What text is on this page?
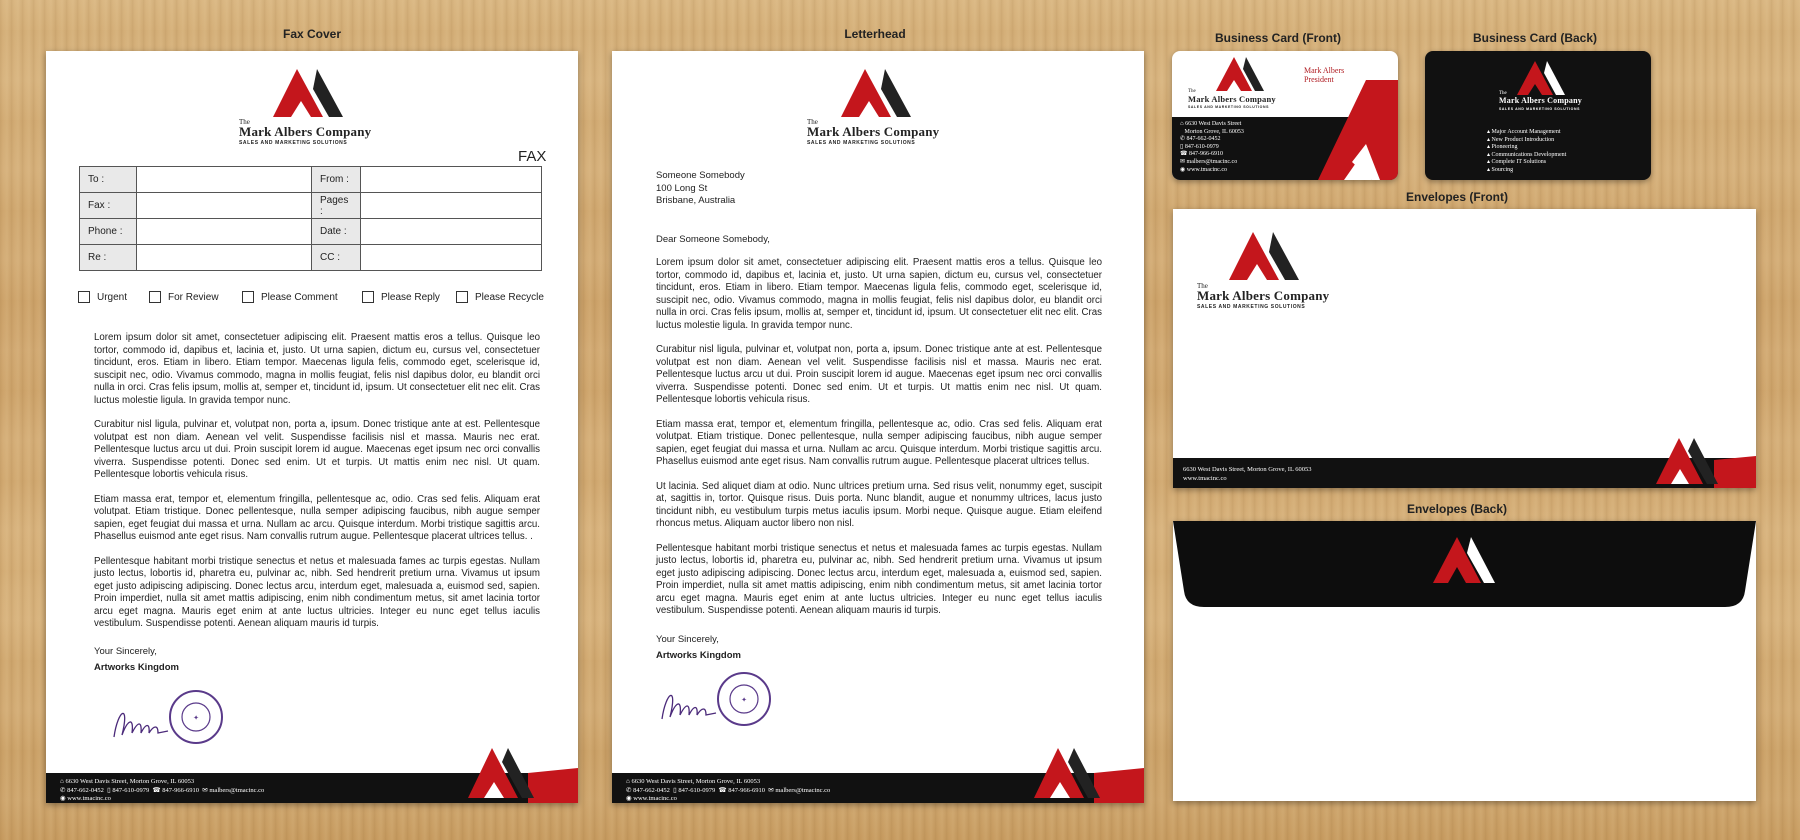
Fax Cover	Letterhead	Business Card (Front)	Business Card (Back)
Envelopes (Front)
Envelopes (Back)
The
Mark Albers Company
SALES AND MARKETING SOLUTIONS
FAX
To :		From :	
Fax :		Pages :	
Phone :		Date :	
Re :		CC :	
Urgent	For Review	Please Comment	Please Reply	Please Recycle

Lorem ipsum dolor sit amet, consectetuer adipiscing elit. Praesent mattis eros a tellus. Quisque leo tortor, commodo id, dapibus et, lacinia et, justo. Ut urna sapien, dictum eu, cursus vel, consectetuer tincidunt, eros. Etiam in libero. Etiam tempor. Maecenas ligula felis, commodo eget, scelerisque id, suscipit nec, odio. Vivamus commodo, magna in mollis feugiat, felis nisl dapibus dolor, eu blandit orci nulla in orci. Cras felis ipsum, mollis at, semper et, tincidunt id, ipsum. Ut consectetuer elit nec elit. Cras luctus molestie ligula. In gravida tempor nunc.

Curabitur nisl ligula, pulvinar et, volutpat non, porta a, ipsum. Donec tristique ante at est. Pellentesque volutpat est non diam. Aenean vel velit. Suspendisse facilisis nisl et massa. Mauris nec erat. Pellentesque luctus arcu ut dui. Proin suscipit lorem id augue. Maecenas eget ipsum nec orci convallis viverra. Suspendisse potenti. Donec sed enim. Ut et turpis. Ut mattis enim nec nisl. Ut quam. Pellentesque lobortis vehicula risus.

Etiam massa erat, tempor et, elementum fringilla, pellentesque ac, odio. Cras sed felis. Aliquam erat volutpat. Etiam tristique. Donec pellentesque, nulla semper adipiscing faucibus, nibh augue semper sapien, eget feugiat dui massa et urna. Nullam ac arcu. Quisque interdum. Morbi tristique sagittis arcu. Phasellus euismod ante eget risus. Nam convallis rutrum augue. Pellentesque placerat ultrices tellus. .

Pellentesque habitant morbi tristique senectus et netus et malesuada fames ac turpis egestas. Nullam justo lectus, lobortis id, pharetra eu, pulvinar ac, nibh. Sed hendrerit pretium urna. Vivamus ut ipsum eget justo adipiscing adipiscing. Donec lectus arcu, interdum eget, malesuada a, euismod sed, sapien. Proin imperdiet, nulla sit amet mattis adipiscing, enim nibh condimentum metus, sit amet lacinia tortor arcu eget magna. Mauris eget enim at ante luctus ultricies. Integer eu nunc eget tellus iaculis vestibulum. Suspendisse potenti. Aenean aliquam mauris id turpis.

Your Sincerely,
Artworks Kingdom
✦
⌂ 6630 West Davis Street, Morton Grove, IL 60053
✆ 847-662-0452  ▯ 847-610-0979  ☎ 847-966-6910  ✉ malbers@tmacinc.co
◉ www.tmacinc.co
The
Mark Albers Company
SALES AND MARKETING SOLUTIONS
Someone Somebody
100 Long St
Brisbane, Australia
Dear Someone Somebody,

Lorem ipsum dolor sit amet, consectetuer adipiscing elit. Praesent mattis eros a tellus. Quisque leo tortor, commodo id, dapibus et, lacinia et, justo. Ut urna sapien, dictum eu, cursus vel, consectetuer tincidunt, eros. Etiam in libero. Etiam tempor. Maecenas ligula felis, commodo eget, scelerisque id, suscipit nec, odio. Vivamus commodo, magna in mollis feugiat, felis nisl dapibus dolor, eu blandit orci nulla in orci. Cras felis ipsum, mollis at, semper et, tincidunt id, ipsum. Ut consectetuer elit nec elit. Cras luctus molestie ligula. In gravida tempor nunc.

Curabitur nisl ligula, pulvinar et, volutpat non, porta a, ipsum. Donec tristique ante at est. Pellentesque volutpat est non diam. Aenean vel velit. Suspendisse facilisis nisl et massa. Mauris nec erat. Pellentesque luctus arcu ut dui. Proin suscipit lorem id augue. Maecenas eget ipsum nec orci convallis viverra. Suspendisse potenti. Donec sed enim. Ut et turpis. Ut mattis enim nec nisl. Ut quam. Pellentesque lobortis vehicula risus.

Etiam massa erat, tempor et, elementum fringilla, pellentesque ac, odio. Cras sed felis. Aliquam erat volutpat. Etiam tristique. Donec pellentesque, nulla semper adipiscing faucibus, nibh augue semper sapien, eget feugiat dui massa et urna. Nullam ac arcu. Quisque interdum. Morbi tristique sagittis arcu. Phasellus euismod ante eget risus. Nam convallis rutrum augue. Pellentesque placerat ultrices tellus.

Ut lacinia. Sed aliquet diam at odio. Nunc ultrices pretium urna. Sed risus velit, nonummy eget, suscipit at, sagittis in, tortor. Quisque risus. Duis porta. Nunc blandit, augue et nonummy ultrices, lacus justo tincidunt nibh, eu vestibulum turpis metus iaculis ipsum. Morbi neque. Quisque augue. Etiam eleifend rhoncus metus. Aliquam auctor libero non nisl.

Pellentesque habitant morbi tristique senectus et netus et malesuada fames ac turpis egestas. Nullam justo lectus, lobortis id, pharetra eu, pulvinar ac, nibh. Sed hendrerit pretium urna. Vivamus ut ipsum eget justo adipiscing adipiscing. Donec lectus arcu, interdum eget, malesuada a, euismod sed, sapien. Proin imperdiet, nulla sit amet mattis adipiscing, enim nibh condimentum metus, sit amet lacinia tortor arcu eget magna. Mauris eget enim at ante luctus ultricies. Integer eu nunc eget tellus iaculis vestibulum. Suspendisse potenti. Aenean aliquam mauris id turpis.

Your Sincerely,
Artworks Kingdom
✦
⌂ 6630 West Davis Street, Morton Grove, IL 60053
✆ 847-662-0452  ▯ 847-610-0979  ☎ 847-966-6910  ✉ malbers@tmacinc.co
◉ www.tmacinc.co
The
Mark Albers Company
SALES AND MARKETING SOLUTIONS
Mark Albers
President
⌂ 6630 West Davis Street
Morton Grove, IL 60053
✆ 847-662-0452
▯ 847-610-0979
☎ 847-966-6910
✉ malbers@tmacinc.co
◉ www.tmacinc.co
The
Mark Albers Company
SALES AND MARKETING SOLUTIONS
▴ Major Account Management
▴ New Product Introduction
▴ Pioneering
▴ Communications Development
▴ Complete IT Solutions
▴ Sourcing
The
Mark Albers Company
SALES AND MARKETING SOLUTIONS
6630 West Davis Street, Morton Grove, IL 60053
www.tmacinc.co
